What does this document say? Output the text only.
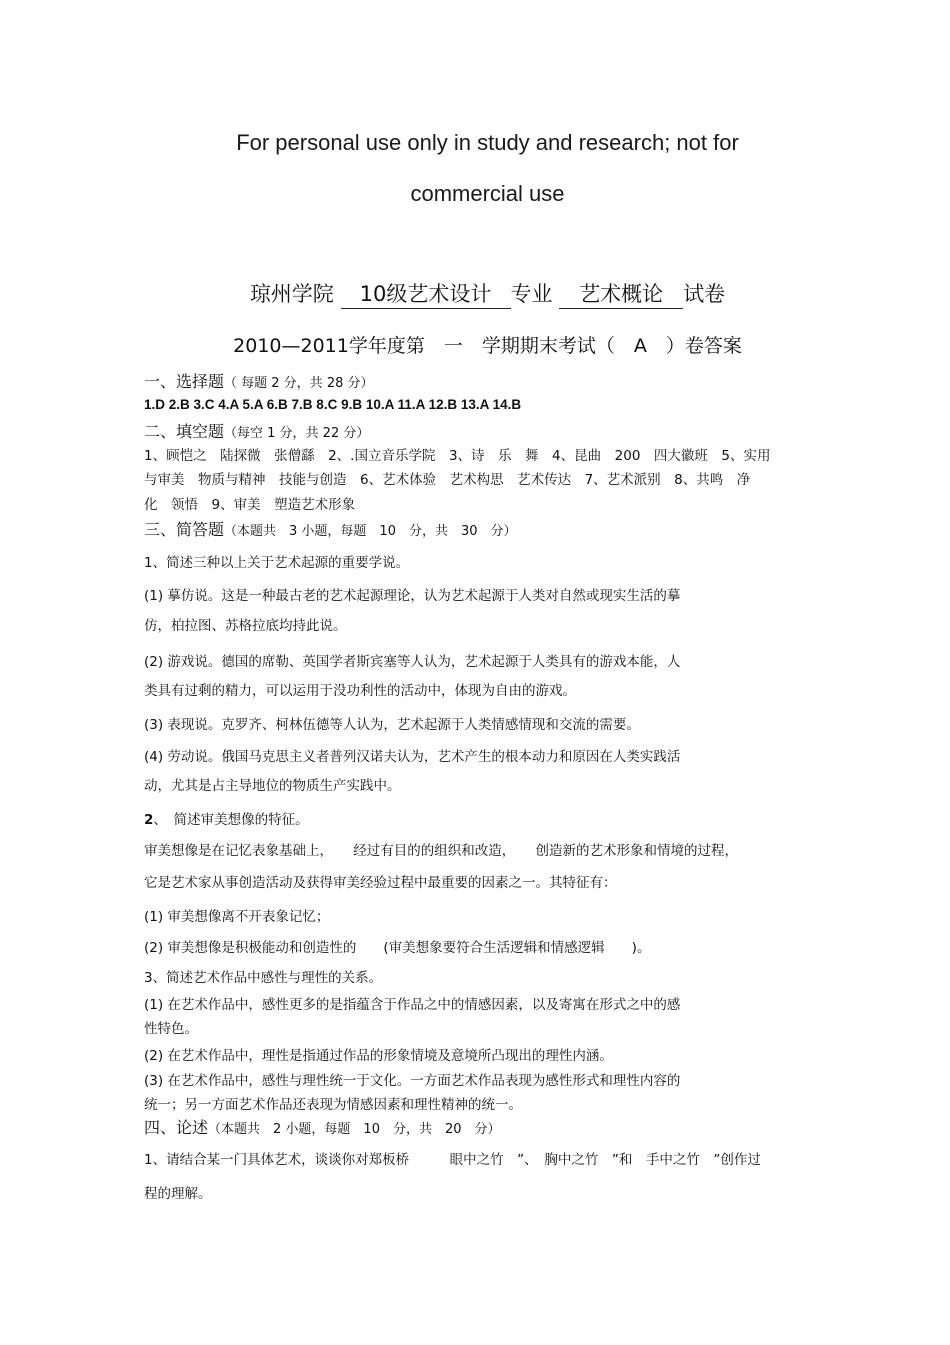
For personal use only in study and research; not for
commercial use
琼州学院 10级艺术设计 专业 艺术概论 试卷
2010—2011学年度第　一　学期期末考试（　A　）卷答案
一、选择题（ 每题 2 分，共 28 分）
1.D 2.B 3.C 4.A 5.A 6.B 7.B 8.C 9.B 10.A 11.A 12.B 13.A 14.B
二、填空题（每空 1 分，共 22 分）
1、顾恺之　陆探微　张僧繇　2、.国立音乐学院　3、诗　乐　舞　4、昆曲　200　四大徽班　5、实用
与审美　物质与精神　技能与创造　6、艺术体验　艺术构思　艺术传达　7、艺术派别　8、共鸣　净
化　领悟　9、审美　塑造艺术形象
三、简答题（本题共　3 小题，每题　10　分，共　30　分）
1、简述三种以上关于艺术起源的重要学说。
(1) 摹仿说。这是一种最古老的艺术起源理论，认为艺术起源于人类对自然或现实生活的摹
仿，柏拉图、苏格拉底均持此说。
(2) 游戏说。德国的席勒、英国学者斯宾塞等人认为，艺术起源于人类具有的游戏本能，人
类具有过剩的精力，可以运用于没功利性的活动中，体现为自由的游戏。
(3) 表现说。克罗齐、柯林伍德等人认为，艺术起源于人类情感情现和交流的需要。
(4) 劳动说。俄国马克思主义者普列汉诺夫认为，艺术产生的根本动力和原因在人类实践活
动，尤其是占主导地位的物质生产实践中。
2、　简述审美想像的特征。
审美想像是在记忆表象基础上，　　经过有目的的组织和改造，　　创造新的艺术形象和情境的过程，
它是艺术家从事创造活动及获得审美经验过程中最重要的因素之一。其特征有：
(1) 审美想像离不开表象记忆；
(2) 审美想像是积极能动和创造性的　　(审美想象要符合生活逻辑和情感逻辑　　)。
3、简述艺术作品中感性与理性的关系。
(1) 在艺术作品中，感性更多的是指蕴含于作品之中的情感因素，以及寄寓在形式之中的感
性特色。
(2) 在艺术作品中，理性是指通过作品的形象情境及意境所凸现出的理性内涵。
(3) 在艺术作品中，感性与理性统一于文化。一方面艺术作品表现为感性形式和理性内容的
统一；另一方面艺术作品还表现为情感因素和理性精神的统一。
四、论述（本题共　2 小题，每题　10　分，共　20　分）
1、请结合某一门具体艺术，谈谈你对郑板桥　　　眼中之竹　”、　胸中之竹　”和　手中之竹　”创作过
程的理解。
